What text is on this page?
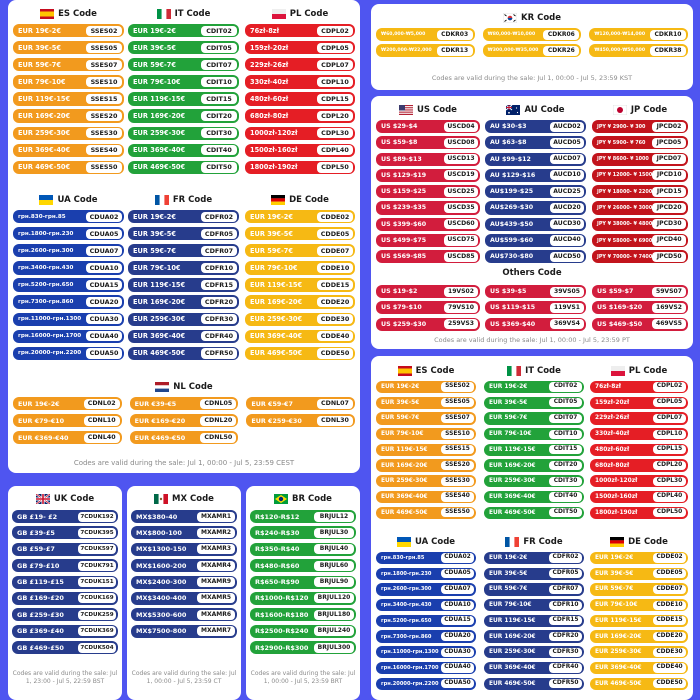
Codes are valid during the sale: Jul 1, 00:00 - Jul 5, 23:59 CEST
Codes are valid during the sale: Jul 1, 00:00 - Jul 5, 23:59 KST
Codes are valid during the sale: Jul 1, 00:00 - Jul 5, 23:59 PT
Others Code
Codes are valid during the sale: Jul 1, 23:00 - Jul 5, 22:59 BST
Codes are valid during the sale: Jul 1, 00:00 - Jul 5, 23:59 CT
Codes are valid during the sale: Jul 1, 00:00 - Jul 5, 23:59 BRT
ES Code
EUR 19€-2€	SSES02
EUR 39€-5€	SSES05
EUR 59€-7€	SSES07
EUR 79€-10€	SSES10
EUR 119€-15€	SSES15
EUR 169€-20€	SSES20
EUR 259€-30€	SSES30
EUR 369€-40€	SSES40
EUR 469€-50€	SSES50
IT Code
EUR 19€-2€	CDIT02
EUR 39€-5€	CDIT05
EUR 59€-7€	CDIT07
EUR 79€-10€	CDIT10
EUR 119€-15€	CDIT15
EUR 169€-20€	CDIT20
EUR 259€-30€	CDIT30
EUR 369€-40€	CDIT40
EUR 469€-50€	CDIT50
PL Code
76zł-8zł	CDPL02
159zł-20zł	CDPL05
229zł-26zł	CDPL07
330zł-40zł	CDPL10
480zł-60zł	CDPL15
680zł-80zł	CDPL20
1000zł-120zł	CDPL30
1500zł-160zł	CDPL40
1800zł-190zł	CDPL50
UA Code
грн.830-грн.85	CDUA02
грн.1800-грн.230	CDUA05
грн.2600-грн.300	CDUA07
грн.3400-грн.430	CDUA10
грн.5200-грн.650	CDUA15
грн.7300-грн.860	CDUA20
грн.11000-грн.1300	CDUA30
грн.16000-грн.1700	CDUA40
грн.20000-грн.2200	CDUA50
FR Code
EUR 19€-2€	CDFR02
EUR 39€-5€	CDFR05
EUR 59€-7€	CDFR07
EUR 79€-10€	CDFR10
EUR 119€-15€	CDFR15
EUR 169€-20€	CDFR20
EUR 259€-30€	CDFR30
EUR 369€-40€	CDFR40
EUR 469€-50€	CDFR50
DE Code
EUR 19€-2€	CDDE02
EUR 39€-5€	CDDE05
EUR 59€-7€	CDDE07
EUR 79€-10€	CDDE10
EUR 119€-15€	CDDE15
EUR 169€-20€	CDDE20
EUR 259€-30€	CDDE30
EUR 369€-40€	CDDE40
EUR 469€-50€	CDDE50
NL Code
EUR 19€-2€	CDNL02	EUR €39-€5	CDNL05	EUR €59-€7	CDNL07
EUR €79-€10	CDNL10	EUR €169-€20	CDNL20	EUR €259-€30	CDNL30
EUR €369-€40	CDNL40	EUR €469-€50	CDNL50
KR Code
₩60,000-₩5,000	CDKR03	₩80,000-₩10,000	CDKR06	₩120,000-₩14,000	CDKR10
₩200,000-₩22,000	CDKR13	₩300,000-₩35,000	CDKR26	₩450,000-₩50,000	CDKR38
US Code
US $29-$4	USCD04
US $59-$8	USCD08
US $89-$13	USCD13
US $129-$19	USCD19
US $159-$25	USCD25
US $239-$35	USCD35
US $399-$60	USCD60
US $499-$75	USCD75
US $569-$85	USCD85
AU Code
AU $30-$3	AUCD02
AU $63-$8	AUCD05
AU $99-$12	AUCD07
AU $129-$16	AUCD10
AU$199-$25	AUCD25
AU$269-$30	AUCD20
AU$439-$50	AUCD30
AU$599-$60	AUCD40
AU$730-$80	AUCD50
JP Code
JPY ¥ 2900- ¥ 300	JPCD02
JPY ¥ 5900- ¥ 760	JPCD05
JPY ¥ 8600- ¥ 1000	JPCD07
JPY ¥ 12000- ¥ 1500 JPCD10
JPY ¥ 18000- ¥ 2200 JPCD15
JPY ¥ 26000- ¥ 3000 JPCD20
JPY ¥ 38000- ¥ 4800 JPCD30
JPY ¥ 58000- ¥ 6900 JPCD40
JPY ¥ 70000- ¥ 7400 JPCD50
US $19-$2	19VS02
US $79-$10	79VS10
US $259-$30	259VS3
US $39-$5	39VS05
US $119-$15	119VS1
US $369-$40	369VS4
US $59-$7	59VS07
US $169-$20	169VS2
US $469-$50	469VS5
ES Code
EUR 19€-2€	SSES02
EUR 39€-5€	SSES05
EUR 59€-7€	SSES07
EUR 79€-10€	SSES10
EUR 119€-15€	SSES15
EUR 169€-20€	SSES20
EUR 259€-30€	SSES30
EUR 369€-40€	SSES40
EUR 469€-50€	SSES50
IT Code
EUR 19€-2€	CDIT02
EUR 39€-5€	CDIT05
EUR 59€-7€	CDIT07
EUR 79€-10€	CDIT10
EUR 119€-15€	CDIT15
EUR 169€-20€	CDIT20
EUR 259€-30€	CDIT30
EUR 369€-40€	CDIT40
EUR 469€-50€	CDIT50
PL Code
76zł-8zł	CDPL02
159zł-20zł	CDPL05
229zł-26zł	CDPL07
330zł-40zł	CDPL10
480zł-60zł	CDPL15
680zł-80zł	CDPL20
1000zł-120zł	CDPL30
1500zł-160zł	CDPL40
1800zł-190zł	CDPL50
UA Code
грн.830-грн.85	CDUA02
грн.1800-грн.230	CDUA05
грн.2600-грн.300	CDUA07
грн.3400-грн.430	CDUA10
грн.5200-грн.650	CDUA15
грн.7300-грн.860	CDUA20
грн.11000-грн.1300 CDUA30
грн.16000-грн.1700 CDUA40
грн.20000-грн.2200 CDUA50
FR Code
EUR 19€-2€	CDFR02
EUR 39€-5€	CDFR05
EUR 59€-7€	CDFR07
EUR 79€-10€	CDFR10
EUR 119€-15€	CDFR15
EUR 169€-20€	CDFR20
EUR 259€-30€	CDFR30
EUR 369€-40€	CDFR40
EUR 469€-50€	CDFR50
DE Code
EUR 19€-2€	CDDE02
EUR 39€-5€	CDDE05
EUR 59€-7€	CDDE07
EUR 79€-10€	CDDE10
EUR 119€-15€	CDDE15
EUR 169€-20€	CDDE20
EUR 259€-30€	CDDE30
EUR 369€-40€	CDDE40
EUR 469€-50€	CDDE50
UK Code
GB £19- £2	7CDUK192
GB £39-£5	7CDUK395
GB £59-£7	7CDUK597
GB £79-£10	7CDUK791
GB £119-£15	7CDUK151
GB £169-£20	7CDUK169
GB £259-£30	7CDUK259
GB £369-£40	7CDUK369
GB £469-£50	7CDUK504
MX Code
MX$380-40	MXAMR1
MX$800-100	MXAMR2
MX$1300-150	MXAMR3
MX$1600-200	MXAMR4
MX$2400-300	MXAMR9
MX$3400-400	MXAMR5
MX$5300-600	MXAMR6
MX$7500-800	MXAMR7
BR Code
R$120-R$12	BRJUL12
R$240-R$30	BRJUL30
R$350-R$40	BRJUL40
R$480-R$60	BRJUL60
R$650-R$90	BRJUL90
R$1000-R$120	BRJUL120
R$1600-R$180	BRJUL180
R$2500-R$240	BRJUL240
R$2900-R$300	BRJUL300
